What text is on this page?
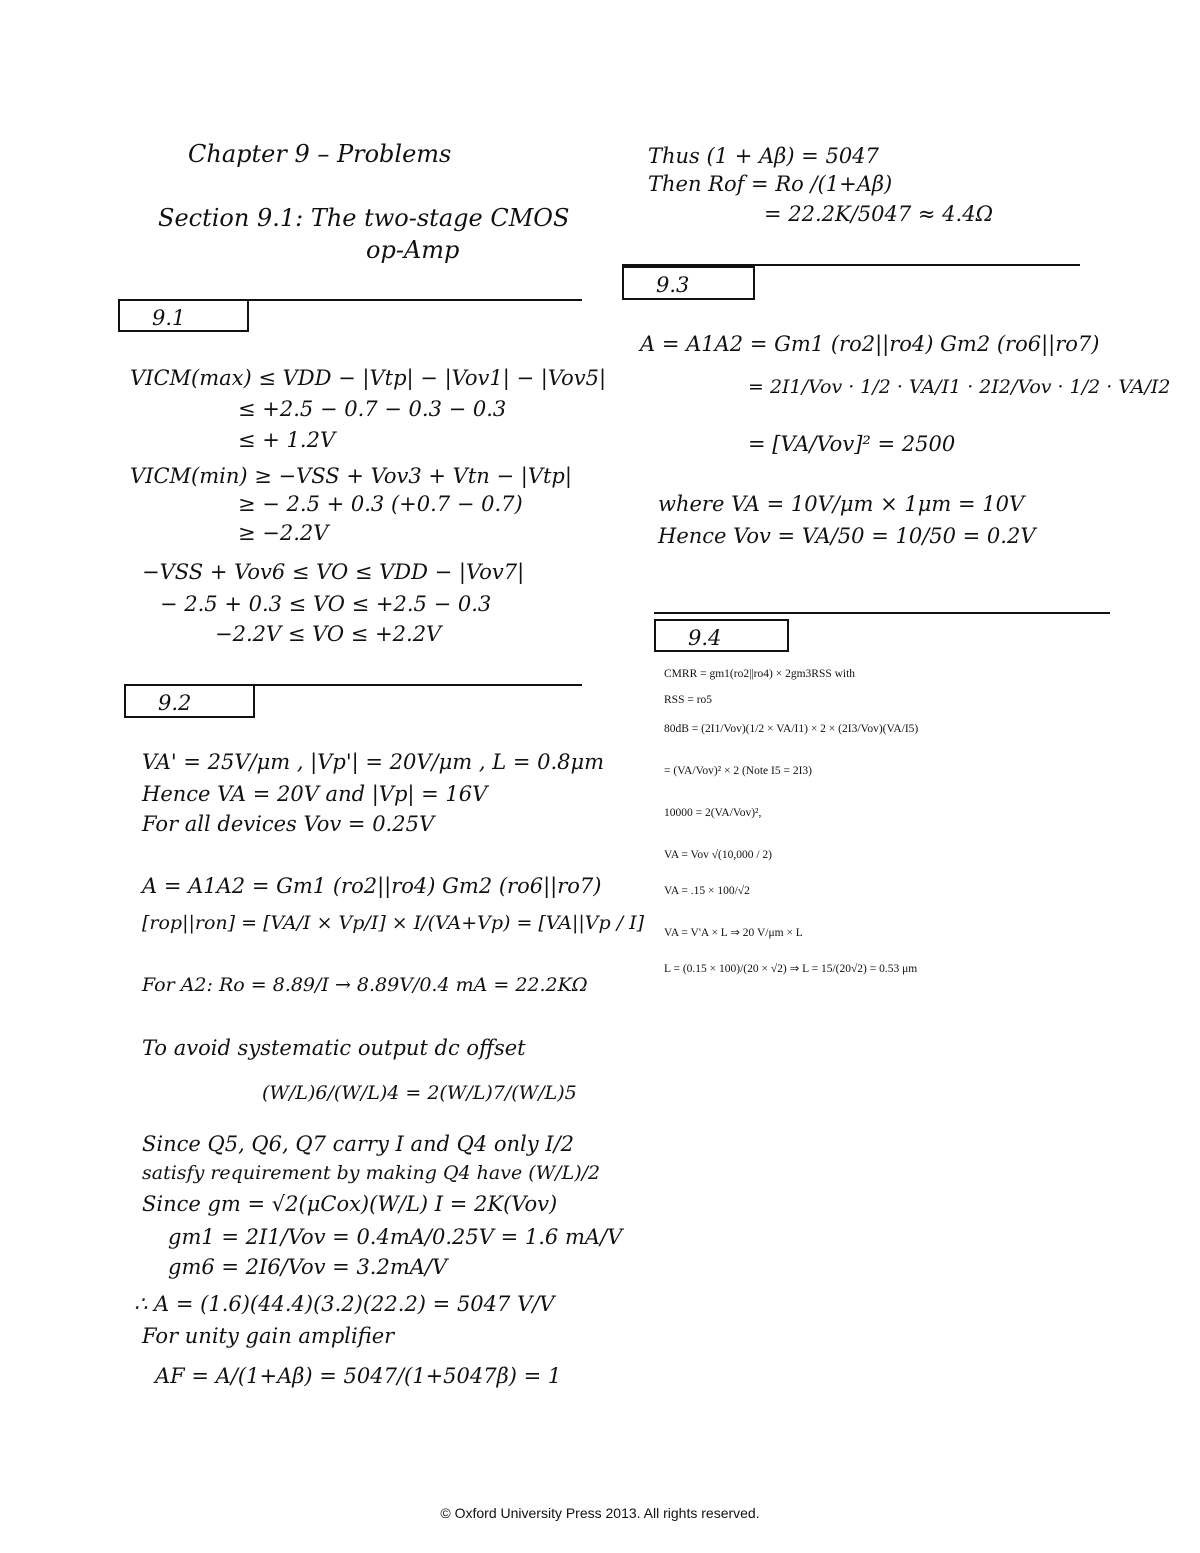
Chapter 9 – Problems
Section 9.1: The two-stage CMOS
op-Amp
9.1
VICM(max) ≤ VDD − |Vtp| − |Vov1| − |Vov5|
≤ +2.5 − 0.7 − 0.3 − 0.3
≤ + 1.2V
VICM(min) ≥ −VSS + Vov3 + Vtn − |Vtp|
≥ − 2.5 + 0.3 (+0.7 − 0.7)
≥ −2.2V
−VSS + Vov6 ≤ VO ≤ VDD − |Vov7|
− 2.5 + 0.3 ≤ VO ≤ +2.5 − 0.3
−2.2V ≤ VO ≤ +2.2V
9.2
VA' = 25V/μm , |Vp'| = 20V/μm , L = 0.8μm
Hence VA = 20V and |Vp| = 16V
For all devices Vov = 0.25V
A = A1A2 = Gm1 (ro2||ro4) Gm2 (ro6||ro7)
[rop||ron] = [VA/I × Vp/I] × I/(VA+Vp) = [VA||Vp / I]
For A2: Ro = 8.89/I → 8.89V/0.4 mA = 22.2KΩ
To avoid systematic output dc offset
(W/L)6/(W/L)4 = 2(W/L)7/(W/L)5
Since Q5, Q6, Q7 carry I and Q4 only I/2
satisfy requirement by making Q4 have (W/L)/2
Since gm = √2(μCox)(W/L) I = 2K(Vov)
gm1 = 2I1/Vov = 0.4mA/0.25V = 1.6 mA/V
gm6 = 2I6/Vov = 3.2mA/V
∴ A = (1.6)(44.4)(3.2)(22.2) = 5047 V/V
For unity gain amplifier
AF = A/(1+Aβ) = 5047/(1+5047β) = 1
Thus (1 + Aβ) = 5047
Then Rof = Ro /(1+Aβ)
= 22.2K/5047 ≈ 4.4Ω
9.3
A = A1A2 = Gm1 (ro2||ro4) Gm2 (ro6||ro7)
= 2I1/Vov · 1/2 · VA/I1 · 2I2/Vov · 1/2 · VA/I2
= [VA/Vov]² = 2500
where VA = 10V/μm × 1μm = 10V
Hence Vov = VA/50 = 10/50 = 0.2V
9.4
CMRR = gm1(ro2||ro4) × 2gm3RSS with
RSS = ro5
80dB = (2I1/Vov)(1/2 × VA/I1) × 2 × (2I3/Vov)(VA/I5)
= (VA/Vov)² × 2 (Note I5 = 2I3)
10000 = 2(VA/Vov)²,
VA = Vov √(10,000 / 2)
VA = .15 × 100/√2
VA = V'A × L ⇒ 20 V/μm × L
L = (0.15 × 100)/(20 × √2) ⇒ L = 15/(20√2) = 0.53 μm
© Oxford University Press 2013. All rights reserved.
